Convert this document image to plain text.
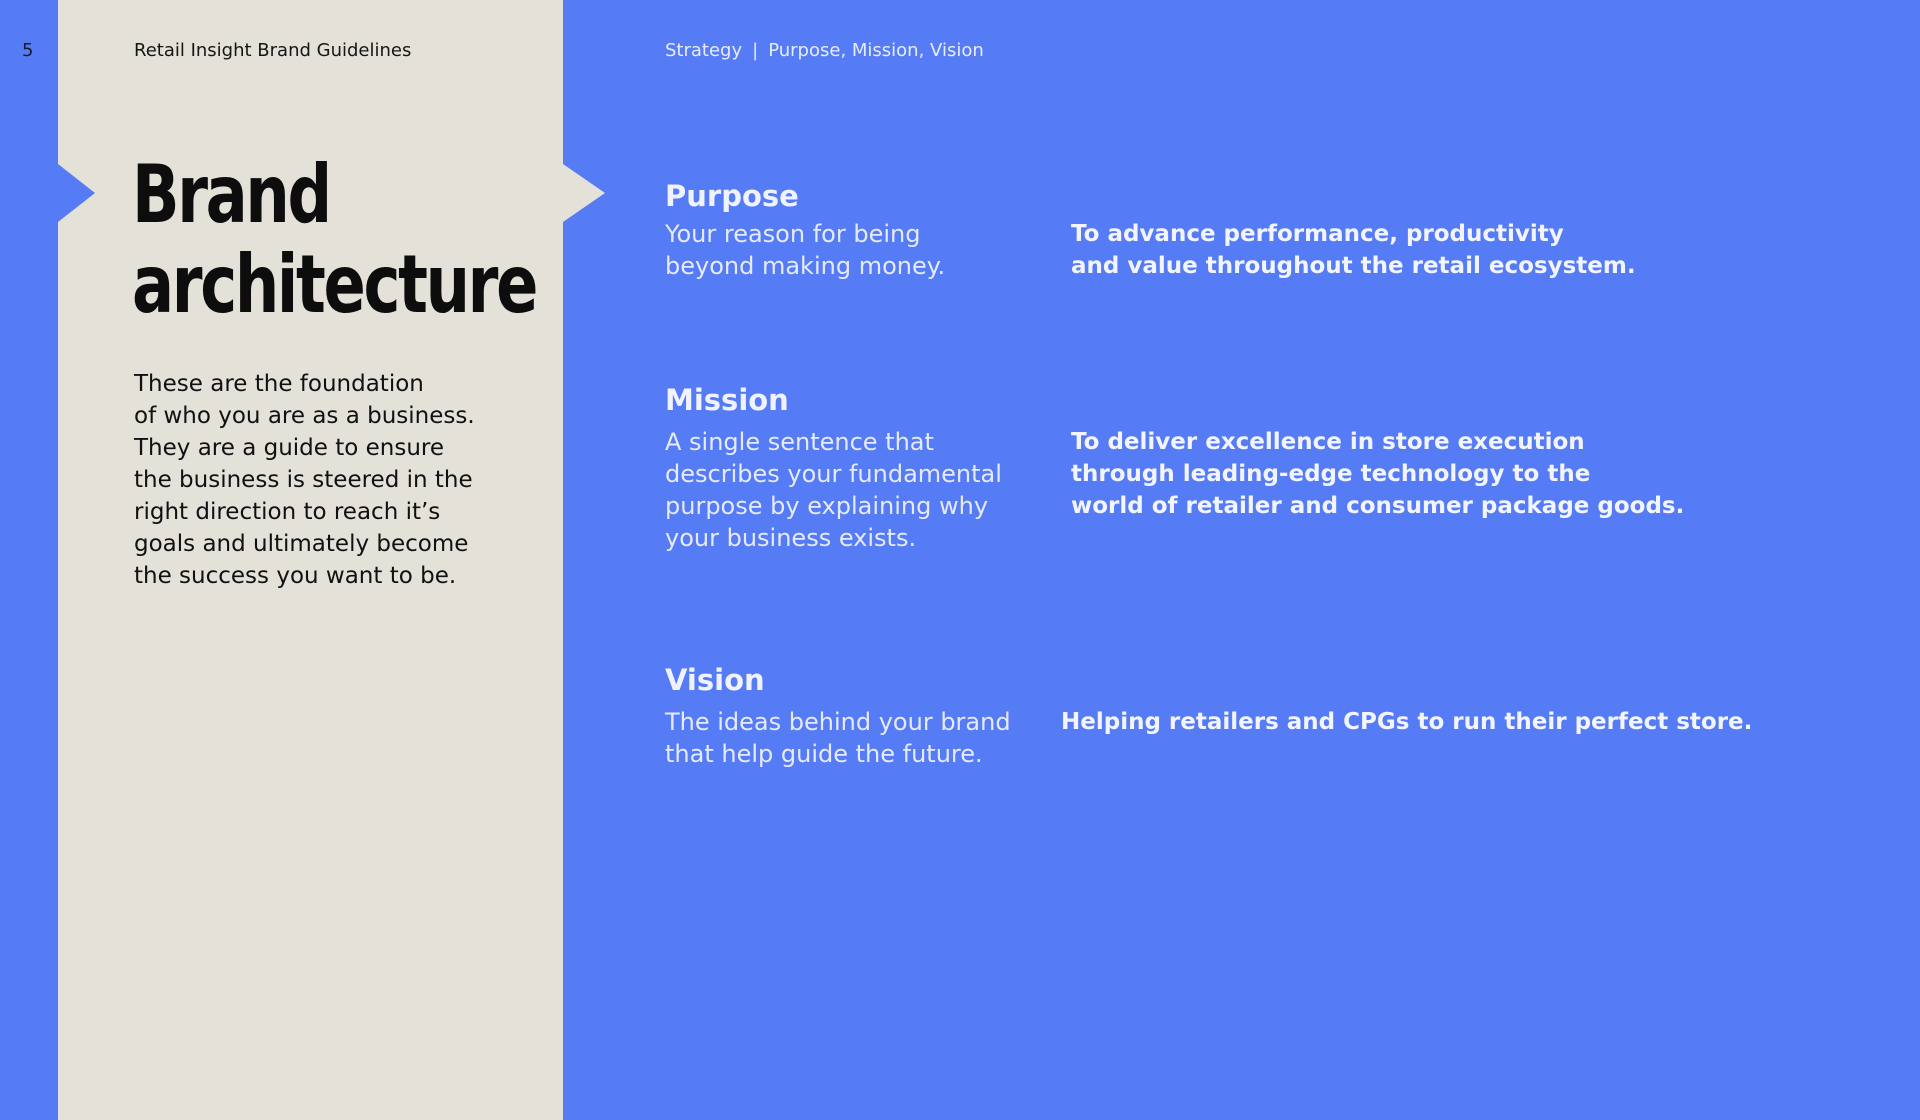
5	Retail Insight Brand Guidelines	Strategy | Purpose, Mission, Vision
Brand
architecture

These are the foundation
of who you are as a business.
They are a guide to ensure
the business is steered in the
right direction to reach it’s
goals and ultimately become
the success you want to be.

Purpose
Your reason for being
beyond making money.
To advance performance, productivity
and value throughout the retail ecosystem.
Mission
A single sentence that
describes your fundamental
purpose by explaining why
your business exists.
To deliver excellence in store execution
through leading-edge technology to the
world of retailer and consumer package goods.
Vision
The ideas behind your brand
that help guide the future.
Helping retailers and CPGs to run their perfect store.
